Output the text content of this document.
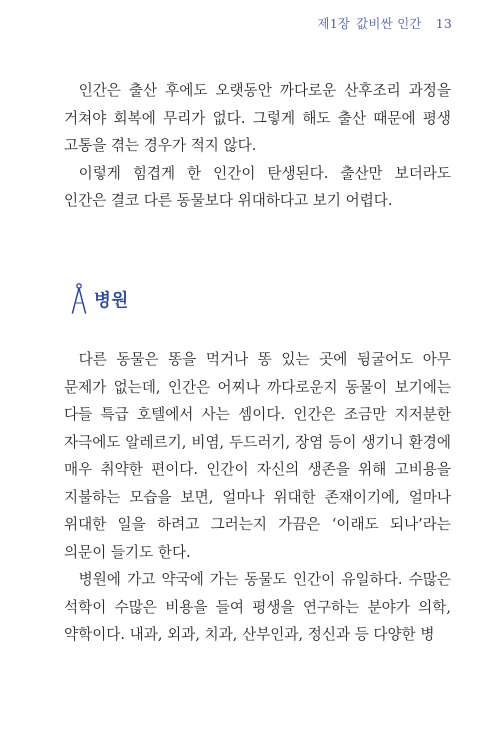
제1장 값비싼 인간 13

인간은 출산 후에도 오랫동안 까다로운 산후조리 과정을 거쳐야 회복에 무리가 없다. 그렇게 해도 출산 때문에 평생 고통을 겪는 경우가 적지 않다.

이렇게 힘겹게 한 인간이 탄생된다. 출산만 보더라도 인간은 결코 다른 동물보다 위대하다고 보기 어렵다.

병원

다른 동물은 똥을 먹거나 똥 있는 곳에 뒹굴어도 아무 문제가 없는데, 인간은 어찌나 까다로운지 동물이 보기에는 다들 특급 호텔에서 사는 셈이다. 인간은 조금만 지저분한 자극에도 알레르기, 비염, 두드러기, 장염 등이 생기니 환경에 매우 취약한 편이다. 인간이 자신의 생존을 위해 고비용을 지불하는 모습을 보면, 얼마나 위대한 존재이기에, 얼마나 위대한 일을 하려고 그러는지 가끔은 ‘이래도 되나’라는 의문이 들기도 한다.

병원에 가고 약국에 가는 동물도 인간이 유일하다. 수많은 석학이 수많은 비용을 들여 평생을 연구하는 분야가 의학, 약학이다. 내과, 외과, 치과, 산부인과, 정신과 등 다양한 병
